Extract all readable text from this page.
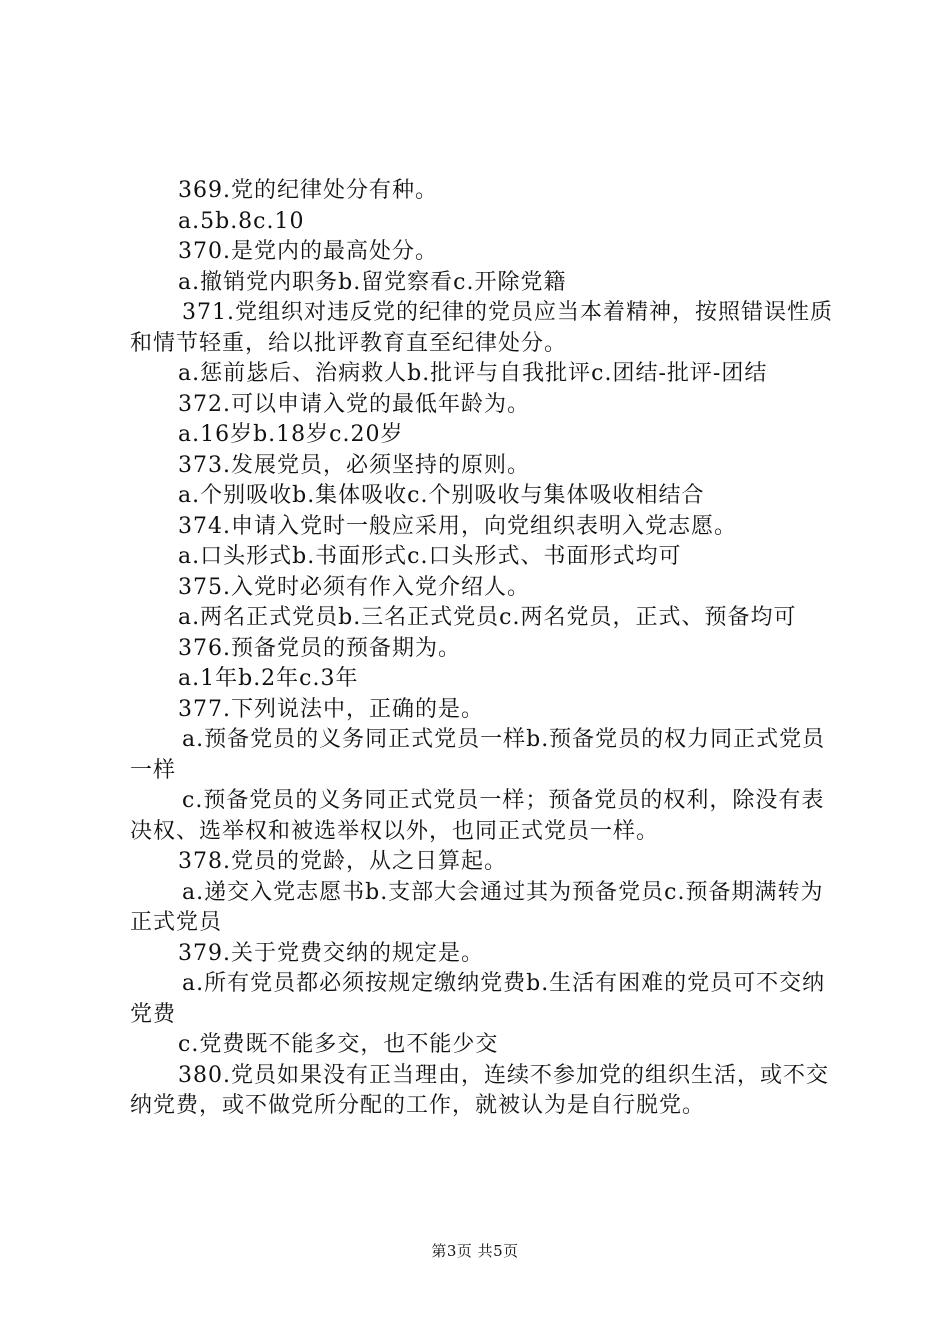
369.党的纪律处分有种。
a.5b.8c.10
370.是党内的最高处分。
a.撤销党内职务b.留党察看c.开除党籍
371.党组织对违反党的纪律的党员应当本着精神，按照错误性质和情节轻重，给以批评教育直至纪律处分。
a.惩前毖后、治病救人b.批评与自我批评c.团结-批评-团结
372.可以申请入党的最低年龄为。
a.16岁b.18岁c.20岁
373.发展党员，必须坚持的原则。
a.个别吸收b.集体吸收c.个别吸收与集体吸收相结合
374.申请入党时一般应采用，向党组织表明入党志愿。
a.口头形式b.书面形式c.口头形式、书面形式均可
375.入党时必须有作入党介绍人。
a.两名正式党员b.三名正式党员c.两名党员，正式、预备均可
376.预备党员的预备期为。
a.1年b.2年c.3年
377.下列说法中，正确的是。
a.预备党员的义务同正式党员一样b.预备党员的权力同正式党员一样
c.预备党员的义务同正式党员一样；预备党员的权利，除没有表决权、选举权和被选举权以外，也同正式党员一样。
378.党员的党龄，从之日算起。
a.递交入党志愿书b.支部大会通过其为预备党员c.预备期满转为正式党员
379.关于党费交纳的规定是。
a.所有党员都必须按规定缴纳党费b.生活有困难的党员可不交纳党费
c.党费既不能多交，也不能少交
380.党员如果没有正当理由，连续不参加党的组织生活，或不交纳党费，或不做党所分配的工作，就被认为是自行脱党。
第3页 共5页
